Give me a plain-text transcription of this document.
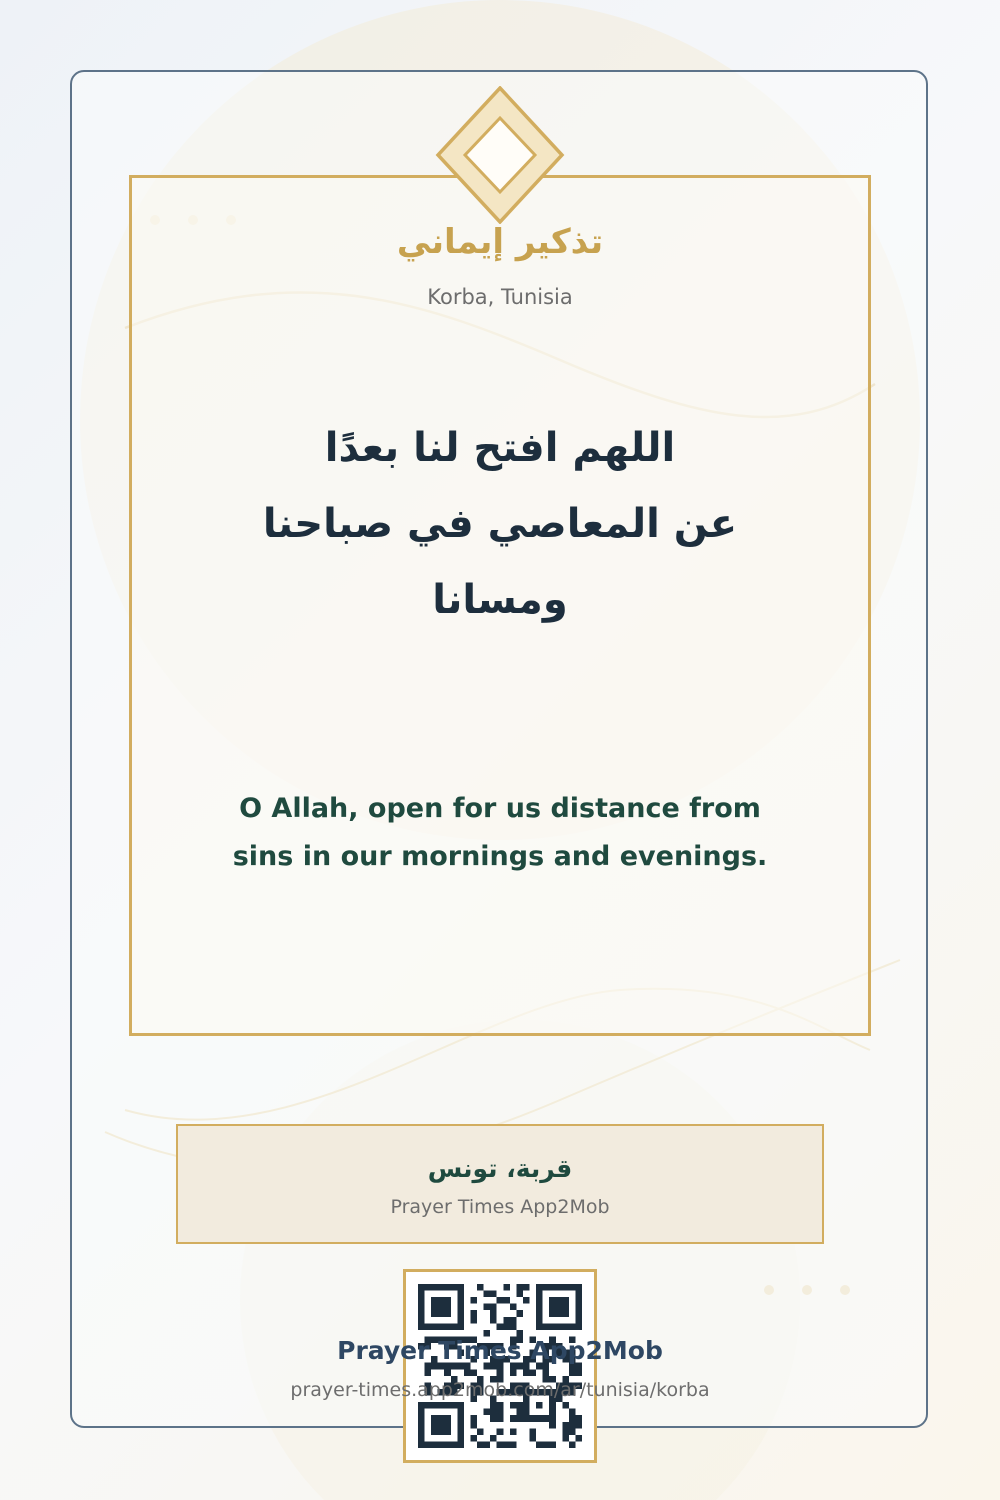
تذكير إيماني
Korba, Tunisia
اللهم افتح لنا بعدًا
عن المعاصي في صباحنا
ومسانا
O Allah, open for us distance from
sins in our mornings and evenings.
قربة، تونس
Prayer Times App2Mob
Prayer Times App2Mob
prayer-times.app2mob.com/ar/tunisia/korba
